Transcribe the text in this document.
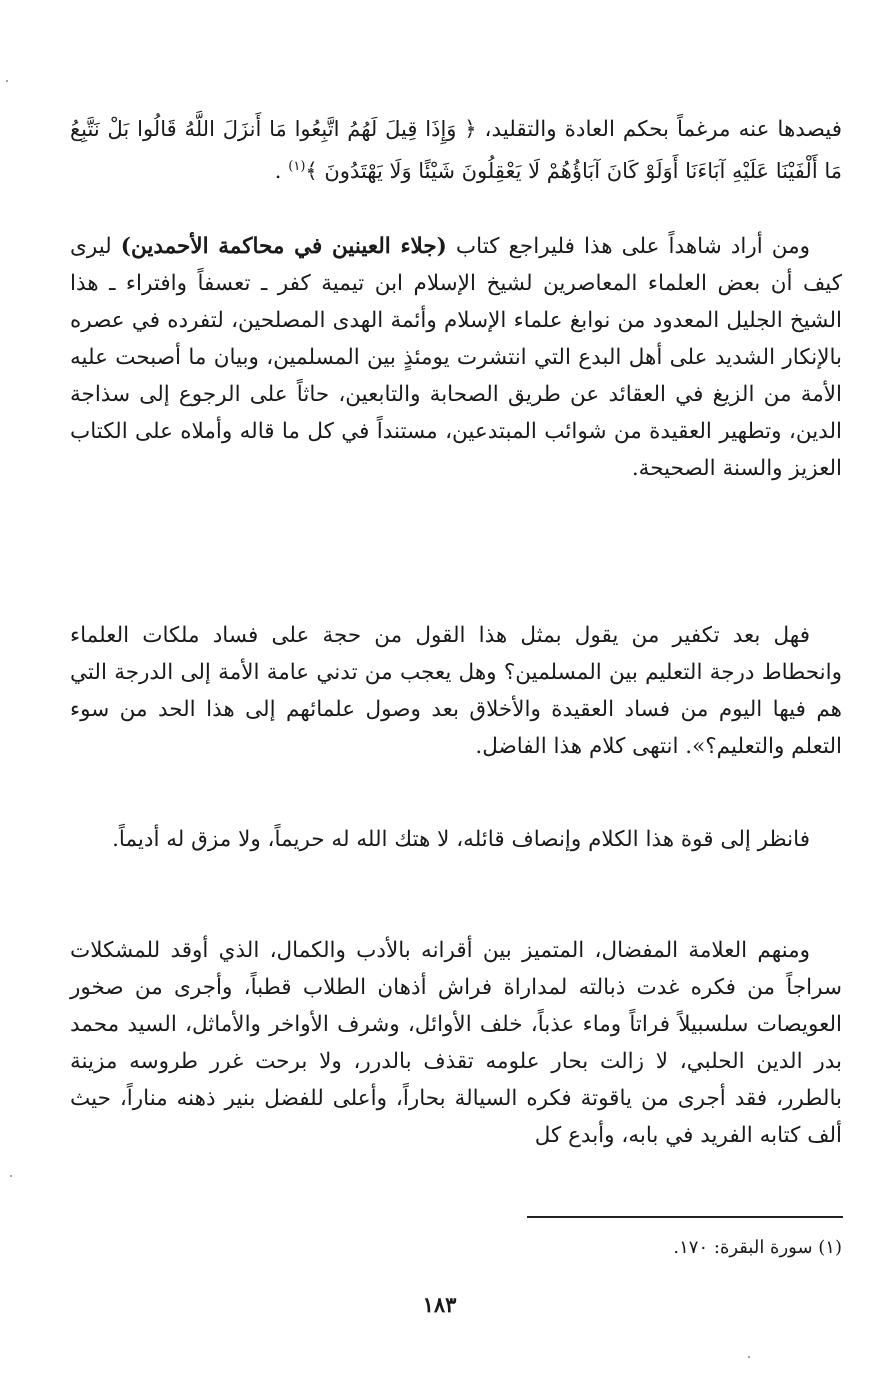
فيصدها عنه مرغماً بحكم العادة والتقليد، ﴿ وَإِذَا قِيلَ لَهُمُ اتَّبِعُوا مَا أَنزَلَ اللَّهُ قَالُوا بَلْ نَتَّبِعُ مَا أَلْفَيْنَا عَلَيْهِ آبَاءَنَا أَوَلَوْ كَانَ آبَاؤُهُمْ لَا يَعْقِلُونَ شَيْئًا وَلَا يَهْتَدُونَ ﴾$^{(١)}$ .

ومن أراد شاهداً على هذا فليراجع كتاب (جلاء العينين في محاكمة الأحمدين) ليرى كيف أن بعض العلماء المعاصرين لشيخ الإسلام ابن تيمية كفر ـ تعسفاً وافتراء ـ هذا الشيخ الجليل المعدود من نوابغ علماء الإسلام وأئمة الهدى المصلحين، لتفرده في عصره بالإنكار الشديد على أهل البدع التي انتشرت يومئذٍ بين المسلمين، وبيان ما أصبحت عليه الأمة من الزيغ في العقائد عن طريق الصحابة والتابعين، حاثاً على الرجوع إلى سذاجة الدين، وتطهير العقيدة من شوائب المبتدعين، مستنداً في كل ما قاله وأملاه على الكتاب العزيز والسنة الصحيحة.

فهل بعد تكفير من يقول بمثل هذا القول من حجة على فساد ملكات العلماء وانحطاط درجة التعليم بين المسلمين؟ وهل يعجب من تدني عامة الأمة إلى الدرجة التي هم فيها اليوم من فساد العقيدة والأخلاق بعد وصول علمائهم إلى هذا الحد من سوء التعلم والتعليم؟». انتهى كلام هذا الفاضل.

فانظر إلى قوة هذا الكلام وإنصاف قائله، لا هتك الله له حريماً، ولا مزق له أديماً.

ومنهم العلامة المفضال، المتميز بين أقرانه بالأدب والكمال، الذي أوقد للمشكلات سراجاً من فكره غدت ذبالته لمداراة فراش أذهان الطلاب قطباً، وأجرى من صخور العويصات سلسبيلاً فراتاً وماء عذباً، خلف الأوائل، وشرف الأواخر والأماثل، السيد محمد بدر الدين الحلبي، لا زالت بحار علومه تقذف بالدرر، ولا برحت غرر طروسه مزينة بالطرر، فقد أجرى من ياقوتة فكره السيالة بحاراً، وأعلى للفضل بنير ذهنه مناراً، حيث ألف كتابه الفريد في بابه، وأبدع كل

(١) سورة البقرة: ١٧٠.
١٨٣
